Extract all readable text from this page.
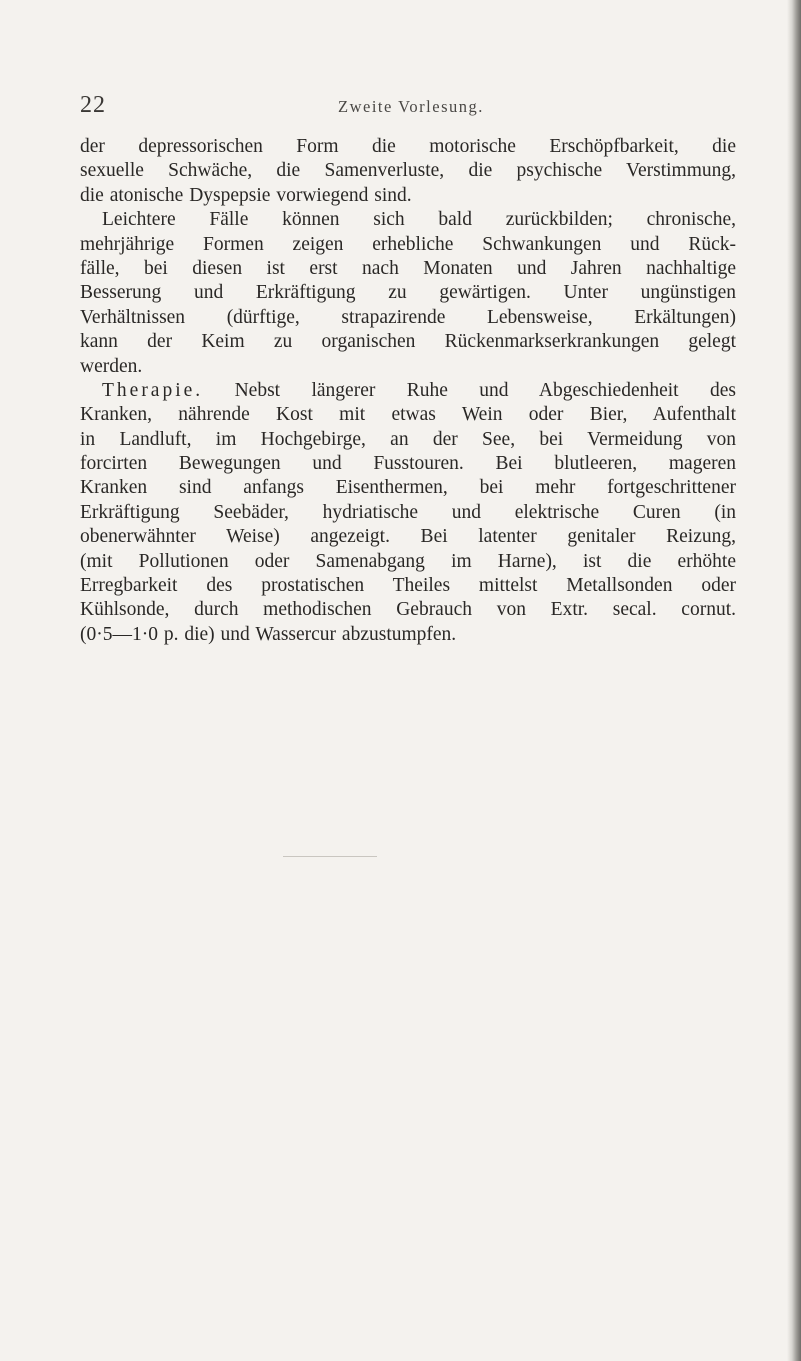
22	Zweite Vorlesung.
der depressorischen Form die motorische Erschöpfbarkeit, die
sexuelle Schwäche, die Samenverluste, die psychische Verstimmung,
die atonische Dyspepsie vorwiegend sind.
Leichtere Fälle können sich bald zurückbilden; chronische,
mehrjährige Formen zeigen erhebliche Schwankungen und Rück-
fälle, bei diesen ist erst nach Monaten und Jahren nachhaltige
Besserung und Erkräftigung zu gewärtigen. Unter ungünstigen
Verhältnissen (dürftige, strapazirende Lebensweise, Erkältungen)
kann der Keim zu organischen Rückenmarkserkrankungen gelegt
werden.
Therapie. Nebst längerer Ruhe und Abgeschiedenheit des
Kranken, nährende Kost mit etwas Wein oder Bier, Aufenthalt
in Landluft, im Hochgebirge, an der See, bei Vermeidung von
forcirten Bewegungen und Fusstouren. Bei blutleeren, mageren
Kranken sind anfangs Eisenthermen, bei mehr fortgeschrittener
Erkräftigung Seebäder, hydriatische und elektrische Curen (in
obenerwähnter Weise) angezeigt. Bei latenter genitaler Reizung,
(mit Pollutionen oder Samenabgang im Harne), ist die erhöhte
Erregbarkeit des prostatischen Theiles mittelst Metallsonden oder
Kühlsonde, durch methodischen Gebrauch von Extr. secal. cornut.
(0·5—1·0 p. die) und Wassercur abzustumpfen.
